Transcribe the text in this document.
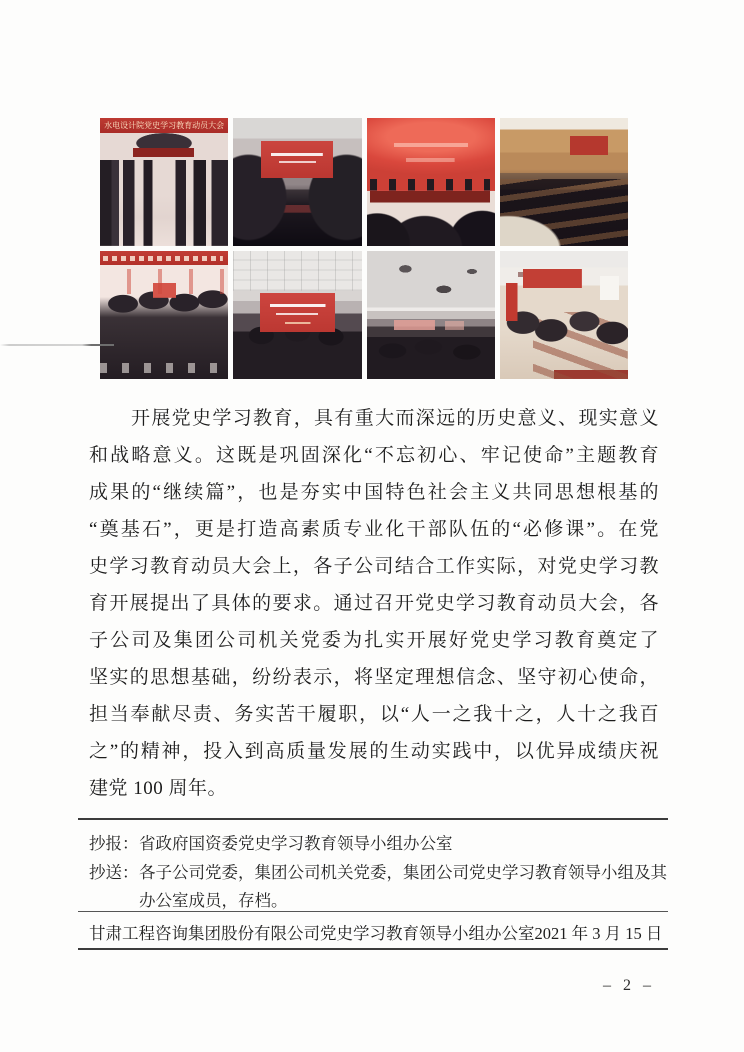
水电设计院党史学习教育动员大会
开展党史学习教育，具有重大而深远的历史意义、现实意义
和战略意义。这既是巩固深化“不忘初心、牢记使命”主题教育
成果的“继续篇”，也是夯实中国特色社会主义共同思想根基的
“奠基石”，更是打造高素质专业化干部队伍的“必修课”。在党
史学习教育动员大会上，各子公司结合工作实际，对党史学习教
育开展提出了具体的要求。通过召开党史学习教育动员大会，各
子公司及集团公司机关党委为扎实开展好党史学习教育奠定了
坚实的思想基础，纷纷表示，将坚定理想信念、坚守初心使命，
担当奉献尽责、务实苦干履职，以“人一之我十之，人十之我百
之”的精神，投入到高质量发展的生动实践中，以优异成绩庆祝
建党 100 周年。
抄报： 省政府国资委党史学习教育领导小组办公室
抄送： 各子公司党委，集团公司机关党委，集团公司党史学习教育领导小组及其
办公室成员，存档。
甘肃工程咨询集团股份有限公司党史学习教育领导小组办公室 2021 年 3 月 15 日
– 2 –
